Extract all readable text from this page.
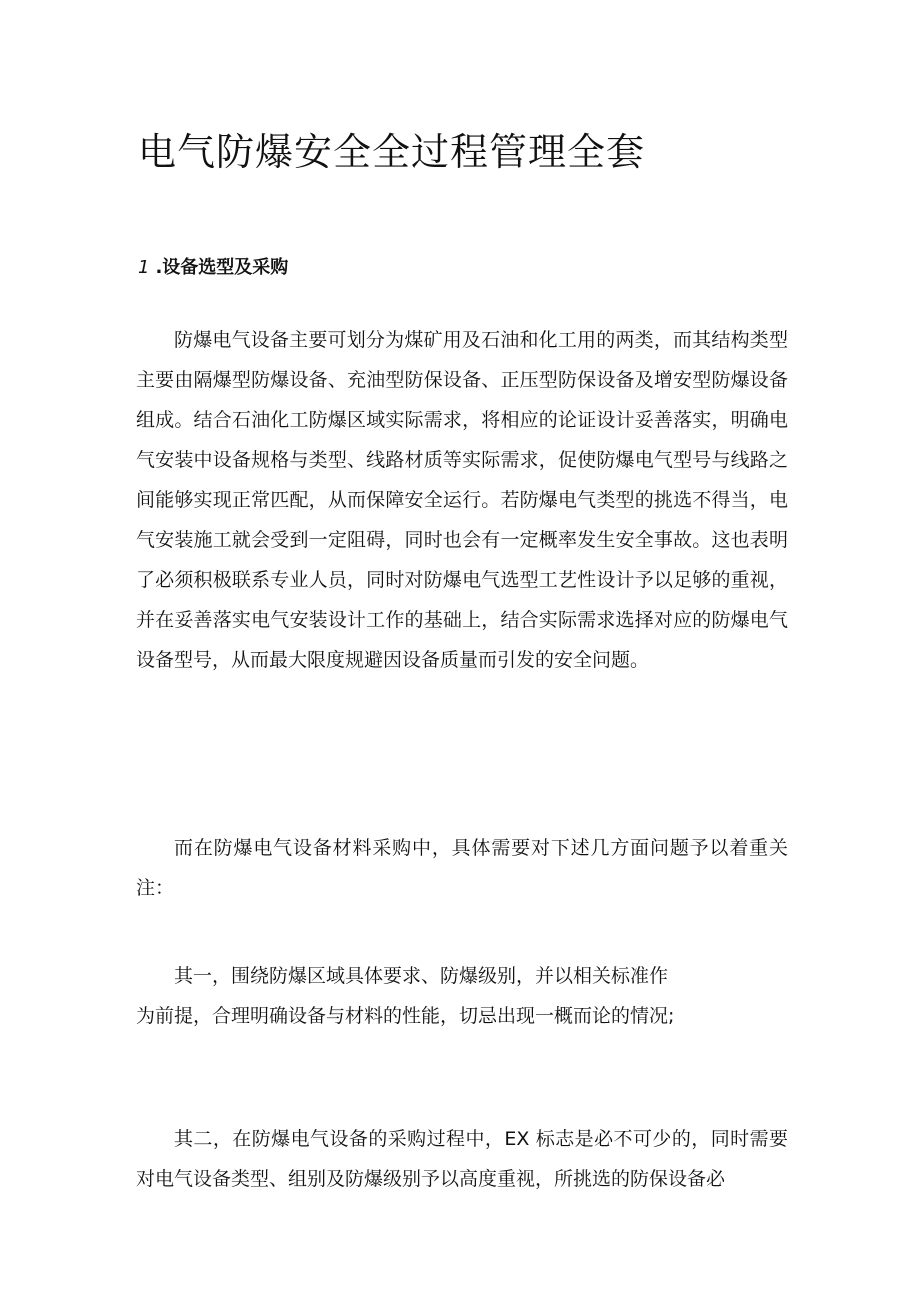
电气防爆安全全过程管理全套
1 .设备选型及采购

防爆电气设备主要可划分为煤矿用及石油和化工用的两类，而其结构类型主要由隔爆型防爆设备、充油型防保设备、正压型防保设备及增安型防爆设备组成。结合石油化工防爆区域实际需求，将相应的论证设计妥善落实，明确电气安装中设备规格与类型、线路材质等实际需求，促使防爆电气型号与线路之间能够实现正常匹配，从而保障安全运行。若防爆电气类型的挑选不得当，电气安装施工就会受到一定阻碍，同时也会有一定概率发生安全事故。这也表明了必须积极联系专业人员，同时对防爆电气选型工艺性设计予以足够的重视，并在妥善落实电气安装设计工作的基础上，结合实际需求选择对应的防爆电气设备型号，从而最大限度规避因设备质量而引发的安全问题。

而在防爆电气设备材料采购中，具体需要对下述几方面问题予以着重关注：

其一，围绕防爆区域具体要求、防爆级别，并以相关标准作
为前提，合理明确设备与材料的性能，切忌出现一概而论的情况;

其二，在防爆电气设备的采购过程中，EX 标志是必不可少的，同时需要对电气设备类型、组别及防爆级别予以高度重视，所挑选的防保设备必
